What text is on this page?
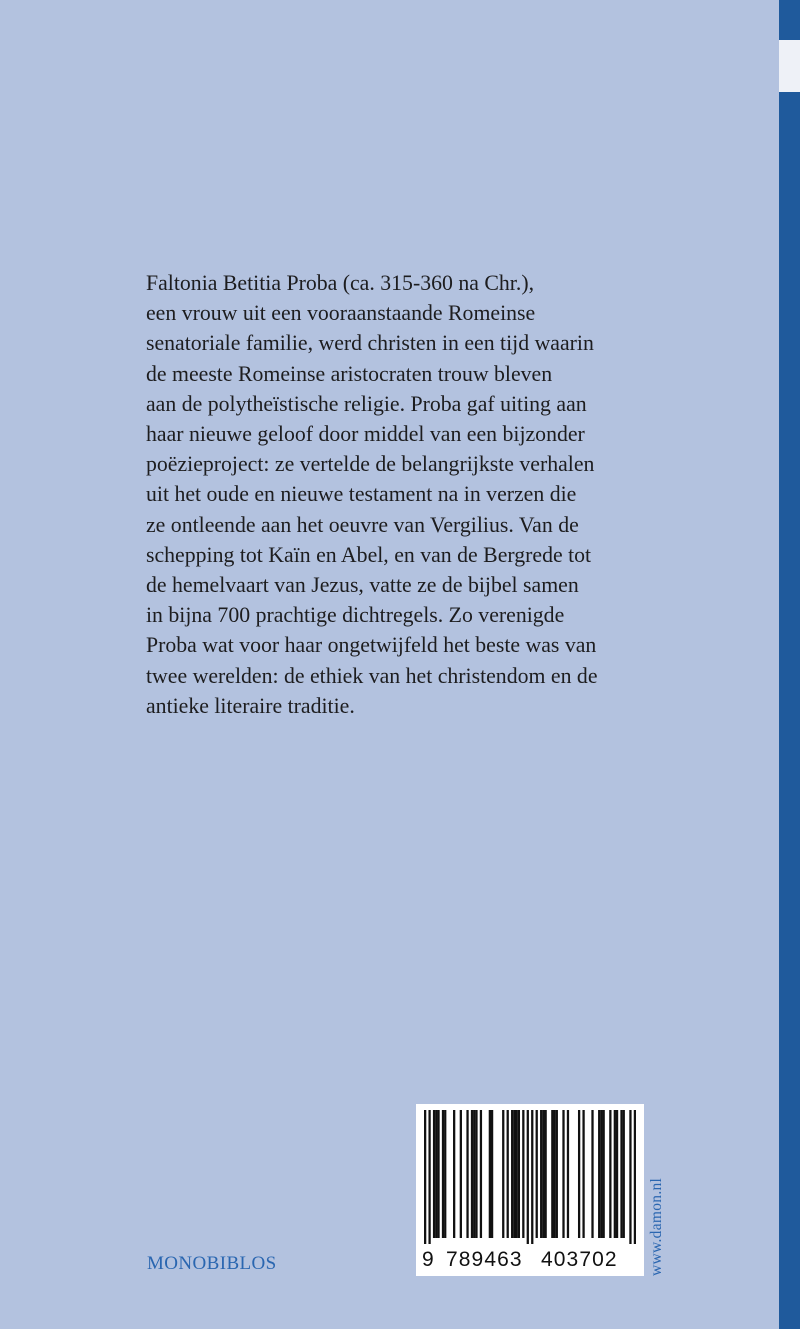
Faltonia Betitia Proba (ca. 315-360 na Chr.),
een vrouw uit een vooraanstaande Romeinse
senatoriale familie, werd christen in een tijd waarin
de meeste Romeinse aristocraten trouw bleven
aan de polytheïstische religie. Proba gaf uiting aan
haar nieuwe geloof door middel van een bijzonder
poëzieproject: ze vertelde de belangrijkste verhalen
uit het oude en nieuwe testament na in verzen die
ze ontleende aan het oeuvre van Vergilius. Van de
schepping tot Kaïn en Abel, en van de Bergrede tot
de hemelvaart van Jezus, vatte ze de bijbel samen
in bijna 700 prachtige dichtregels. Zo verenigde
Proba wat voor haar ongetwijfeld het beste was van
twee werelden: de ethiek van het christendom en de
antieke literaire traditie.

MONOBIBLOS	9 789463 403702 www.damon.nl
